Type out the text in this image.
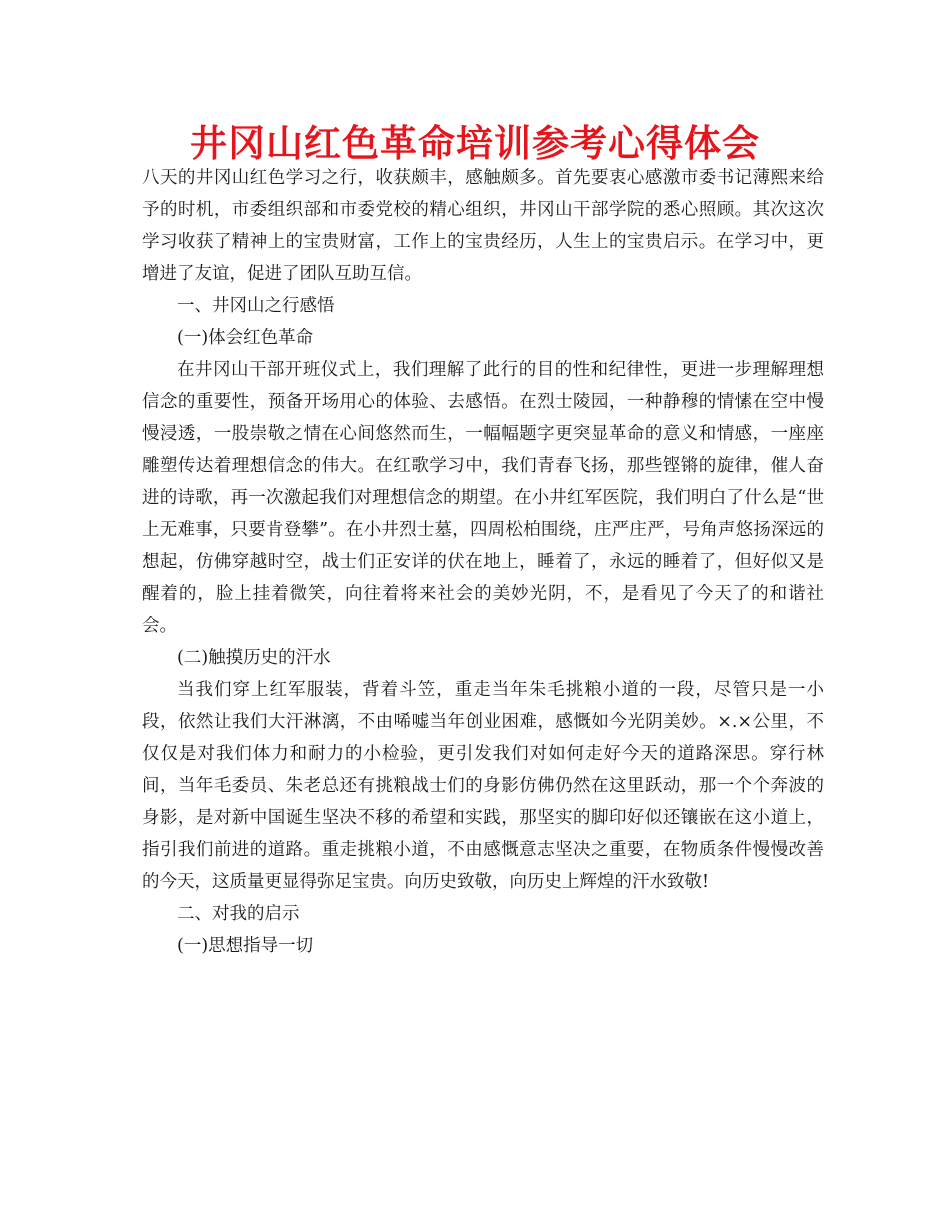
井冈山红色革命培训参考心得体会

八天的井冈山红色学习之行，收获颇丰，感触颇多。首先要衷心感激市委书记薄熙来给予的时机，市委组织部和市委党校的精心组织，井冈山干部学院的悉心照顾。其次这次学习收获了精神上的宝贵财富，工作上的宝贵经历，人生上的宝贵启示。在学习中，更增进了友谊，促进了团队互助互信。

一、井冈山之行感悟

(一)体会红色革命

在井冈山干部开班仪式上，我们理解了此行的目的性和纪律性，更进一步理解理想信念的重要性，预备开场用心的体验、去感悟。在烈士陵园，一种静穆的情愫在空中慢慢浸透，一股崇敬之情在心间悠然而生，一幅幅题字更突显革命的意义和情感，一座座雕塑传达着理想信念的伟大。在红歌学习中，我们青春飞扬，那些铿锵的旋律，催人奋进的诗歌，再一次激起我们对理想信念的期望。在小井红军医院，我们明白了什么是“世上无难事，只要肯登攀”。在小井烈士墓，四周松柏围绕，庄严庄严，号角声悠扬深远的想起，仿佛穿越时空，战士们正安详的伏在地上，睡着了，永远的睡着了，但好似又是醒着的，脸上挂着微笑，向往着将来社会的美妙光阴，不，是看见了今天了的和谐社会。

(二)触摸历史的汗水

当我们穿上红军服装，背着斗笠，重走当年朱毛挑粮小道的一段，尽管只是一小段，依然让我们大汗淋漓，不由唏嘘当年创业困难，感慨如今光阴美妙。×.×公里，不仅仅是对我们体力和耐力的小检验，更引发我们对如何走好今天的道路深思。穿行林间，当年毛委员、朱老总还有挑粮战士们的身影仿佛仍然在这里跃动，那一个个奔波的身影，是对新中国诞生坚决不移的希望和实践，那坚实的脚印好似还镶嵌在这小道上，指引我们前进的道路。重走挑粮小道，不由感慨意志坚决之重要，在物质条件慢慢改善的今天，这质量更显得弥足宝贵。向历史致敬，向历史上辉煌的汗水致敬!

二、对我的启示

(一)思想指导一切
